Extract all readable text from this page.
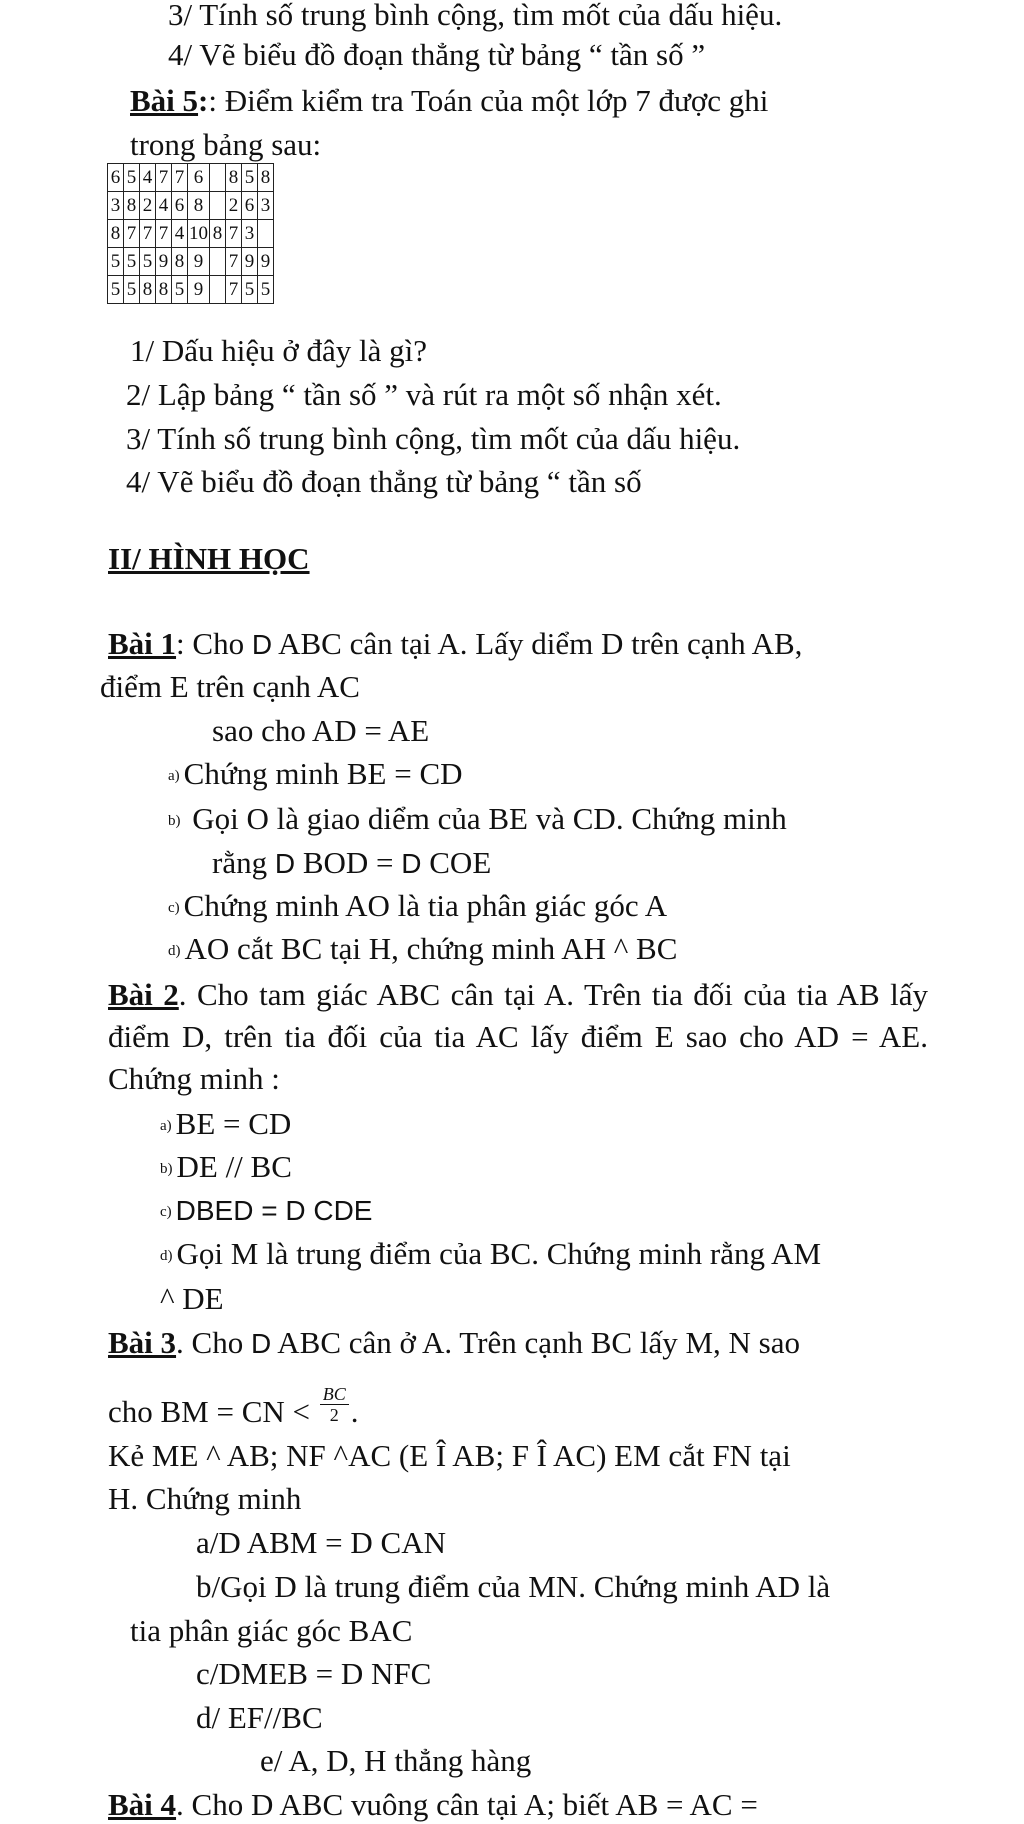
3/ Tính số trung bình cộng, tìm mốt của dấu hiệu.
4/ Vẽ biểu đồ đoạn thẳng từ bảng “ tần số ”
Bài 5:: Điểm kiểm tra Toán của một lớp 7 được ghi
trong bảng sau:
6	5	4	7	7	6		8	5	8
3	8	2	4	6	8		2	6	3
8	7	7	7	4	10	8	7	3	
5	5	5	9	8	9		7	9	9
5	5	8	8	5	9		7	5	5
1/ Dấu hiệu ở đây là gì?
2/ Lập bảng “ tần số ” và rút ra một số nhận xét.
3/ Tính số trung bình cộng, tìm mốt của dấu hiệu.
4/ Vẽ biểu đồ đoạn thẳng từ bảng “ tần số
II/ HÌNH HỌC
Bài 1: Cho D ABC cân tại A. Lấy diểm D trên cạnh AB,
điểm E trên cạnh AC
sao cho AD = AE
a) Chứng minh BE = CD
b) Gọi O là giao diểm của BE và CD. Chứng minh
rằng D BOD = D COE
c) Chứng minh AO là tia phân giác góc A
d) AO cắt BC tại H, chứng minh AH ^ BC
Bài 2. Cho tam giác ABC cân tại A. Trên tia đối của tia AB lấy điểm D, trên tia đối của tia AC lấy điểm E sao cho AD = AE. Chứng minh :
a) BE = CD
b) DE // BC
c) DBED = D CDE
d) Gọi M là trung điểm của BC. Chứng minh rằng AM
^ DE
Bài 3. Cho D ABC cân ở A. Trên cạnh BC lấy M, N sao
cho BM = CN < $\frac{BC}{2}$ .
Kẻ ME ^ AB; NF ^AC (E Î AB; F Î AC) EM cắt FN tại
H. Chứng minh
a/D ABM = D CAN
b/Gọi D là trung điểm của MN. Chứng minh AD là
tia phân giác góc BAC
c/DMEB = D NFC
d/ EF//BC
e/ A, D, H thẳng hàng
Bài 4. Cho D ABC vuông cân tại A; biết AB = AC =
